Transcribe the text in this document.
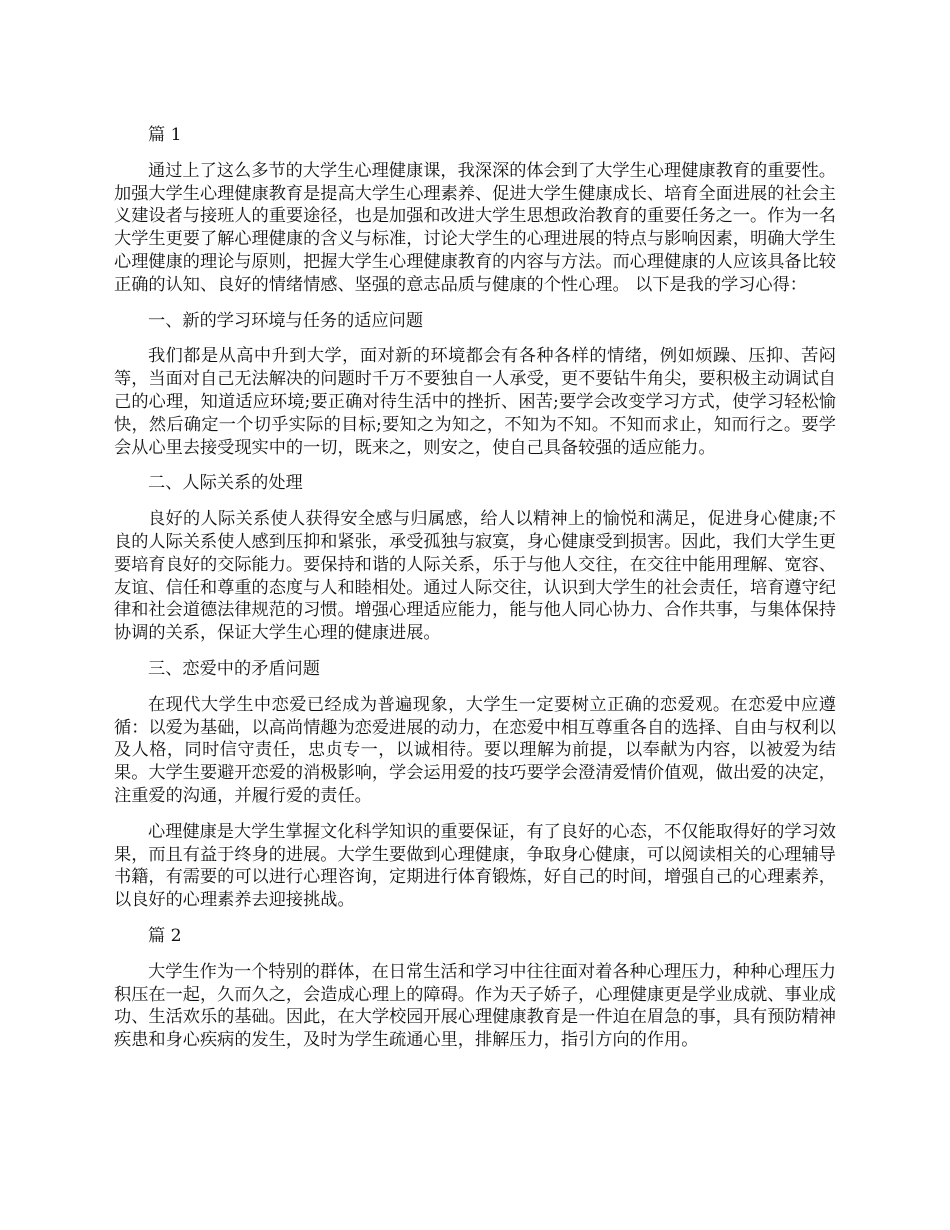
篇 1

通过上了这么多节的大学生心理健康课，我深深的体会到了大学生心理健康教育的重要性。加强大学生心理健康教育是提高大学生心理素养、促进大学生健康成长、培育全面进展的社会主义建设者与接班人的重要途径，也是加强和改进大学生思想政治教育的重要任务之一。作为一名大学生更要了解心理健康的含义与标准，讨论大学生的心理进展的特点与影响因素，明确大学生心理健康的理论与原则，把握大学生心理健康教育的内容与方法。而心理健康的人应该具备比较正确的认知、良好的情绪情感、坚强的意志品质与健康的个性心理。 以下是我的学习心得：

一、新的学习环境与任务的适应问题

我们都是从高中升到大学，面对新的环境都会有各种各样的情绪，例如烦躁、压抑、苦闷等，当面对自己无法解决的问题时千万不要独自一人承受，更不要钻牛角尖，要积极主动调试自己的心理，知道适应环境;要正确对待生活中的挫折、困苦;要学会改变学习方式，使学习轻松愉快，然后确定一个切乎实际的目标;要知之为知之，不知为不知。不知而求止，知而行之。要学会从心里去接受现实中的一切，既来之，则安之，使自己具备较强的适应能力。

二、人际关系的处理

良好的人际关系使人获得安全感与归属感，给人以精神上的愉悦和满足，促进身心健康;不良的人际关系使人感到压抑和紧张，承受孤独与寂寞，身心健康受到损害。因此，我们大学生更要培育良好的交际能力。要保持和谐的人际关系，乐于与他人交往，在交往中能用理解、宽容、友谊、信任和尊重的态度与人和睦相处。通过人际交往，认识到大学生的社会责任，培育遵守纪律和社会道德法律规范的习惯。增强心理适应能力，能与他人同心协力、合作共事，与集体保持协调的关系，保证大学生心理的健康进展。

三、恋爱中的矛盾问题

在现代大学生中恋爱已经成为普遍现象，大学生一定要树立正确的恋爱观。在恋爱中应遵循：以爱为基础，以高尚情趣为恋爱进展的动力，在恋爱中相互尊重各自的选择、自由与权利以及人格，同时信守责任，忠贞专一，以诚相待。要以理解为前提，以奉献为内容，以被爱为结果。大学生要避开恋爱的消极影响，学会运用爱的技巧要学会澄清爱情价值观，做出爱的决定，注重爱的沟通，并履行爱的责任。

心理健康是大学生掌握文化科学知识的重要保证，有了良好的心态，不仅能取得好的学习效果，而且有益于终身的进展。大学生要做到心理健康，争取身心健康，可以阅读相关的心理辅导书籍，有需要的可以进行心理咨询，定期进行体育锻炼，好自己的时间，增强自己的心理素养，以良好的心理素养去迎接挑战。

篇 2

大学生作为一个特别的群体，在日常生活和学习中往往面对着各种心理压力，种种心理压力积压在一起，久而久之，会造成心理上的障碍。作为天子娇子，心理健康更是学业成就、事业成功、生活欢乐的基础。因此，在大学校园开展心理健康教育是一件迫在眉急的事，具有预防精神疾患和身心疾病的发生，及时为学生疏通心里，排解压力，指引方向的作用。
